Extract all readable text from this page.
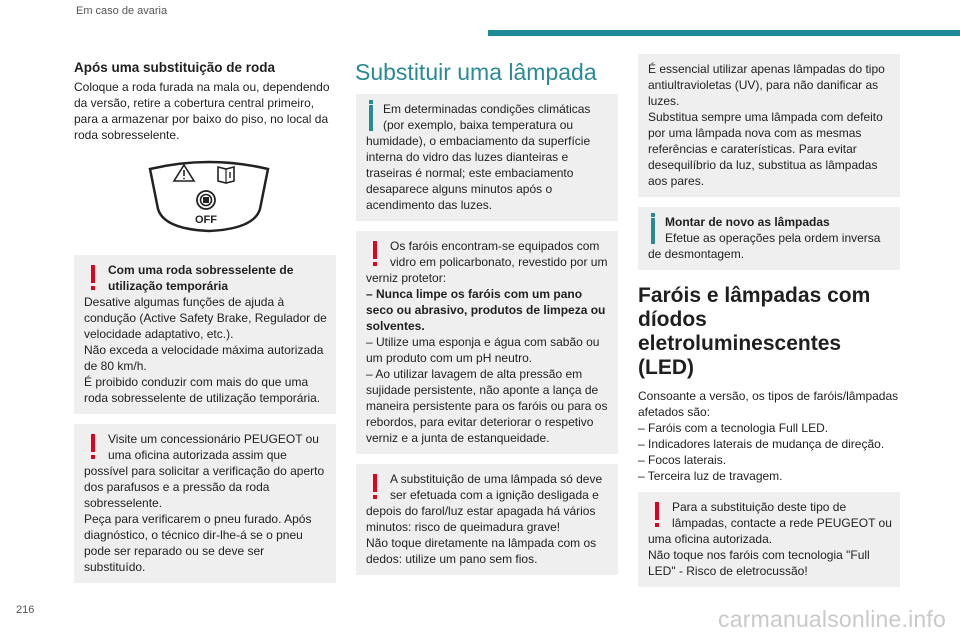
Em caso de avaria
Após uma substituição de roda

Coloque a roda furada na mala ou, dependendo da versão, retire a cobertura central primeiro, para a armazenar por baixo do piso, no local da roda sobresselente.

OFF
Com uma roda sobresselente de utilização temporária
Desative algumas funções de ajuda à condução (Active Safety Brake, Regulador de velocidade adaptativo, etc.).
Não exceda a velocidade máxima autorizada de 80 km/h.
É proibido conduzir com mais do que uma roda sobresselente de utilização temporária.
Visite um concessionário PEUGEOT ou uma oficina autorizada assim que possível para solicitar a verificação do aperto dos parafusos e a pressão da roda sobresselente.
Peça para verificarem o pneu furado. Após diagnóstico, o técnico dir-lhe-á se o pneu pode ser reparado ou se deve ser substituído.
Substituir uma lâmpada
Em determinadas condições climáticas (por exemplo, baixa temperatura ou humidade), o embaciamento da superfície interna do vidro das luzes dianteiras e traseiras é normal; este embaciamento desaparece alguns minutos após o acendimento das luzes.
Os faróis encontram-se equipados com vidro em policarbonato, revestido por um verniz protetor:
– Nunca limpe os faróis com um pano seco ou abrasivo, produtos de limpeza ou solventes.
– Utilize uma esponja e água com sabão ou um produto com um pH neutro.
– Ao utilizar lavagem de alta pressão em sujidade persistente, não aponte a lança de maneira persistente para os faróis ou para os rebordos, para evitar deteriorar o respetivo verniz e a junta de estanqueidade.
A substituição de uma lâmpada só deve ser efetuada com a ignição desligada e depois do farol/luz estar apagada há vários minutos: risco de queimadura grave!
Não toque diretamente na lâmpada com os dedos: utilize um pano sem fios.
É essencial utilizar apenas lâmpadas do tipo antiultravioletas (UV), para não danificar as luzes.
Substitua sempre uma lâmpada com defeito por uma lâmpada nova com as mesmas referências e caraterísticas. Para evitar desequilíbrio da luz, substitua as lâmpadas aos pares.
Montar de novo as lâmpadas
Efetue as operações pela ordem inversa de desmontagem.
Faróis e lâmpadas com díodos eletroluminescentes (LED)

Consoante a versão, os tipos de faróis/lâmpadas afetados são:

– Faróis com a tecnologia Full LED.
– Indicadores laterais de mudança de direção.
– Focos laterais.
– Terceira luz de travagem.
Para a substituição deste tipo de lâmpadas, contacte a rede PEUGEOT ou uma oficina autorizada.
Não toque nos faróis com tecnologia "Full LED" - Risco de eletrocussão!
216	carmanualsonline.info
